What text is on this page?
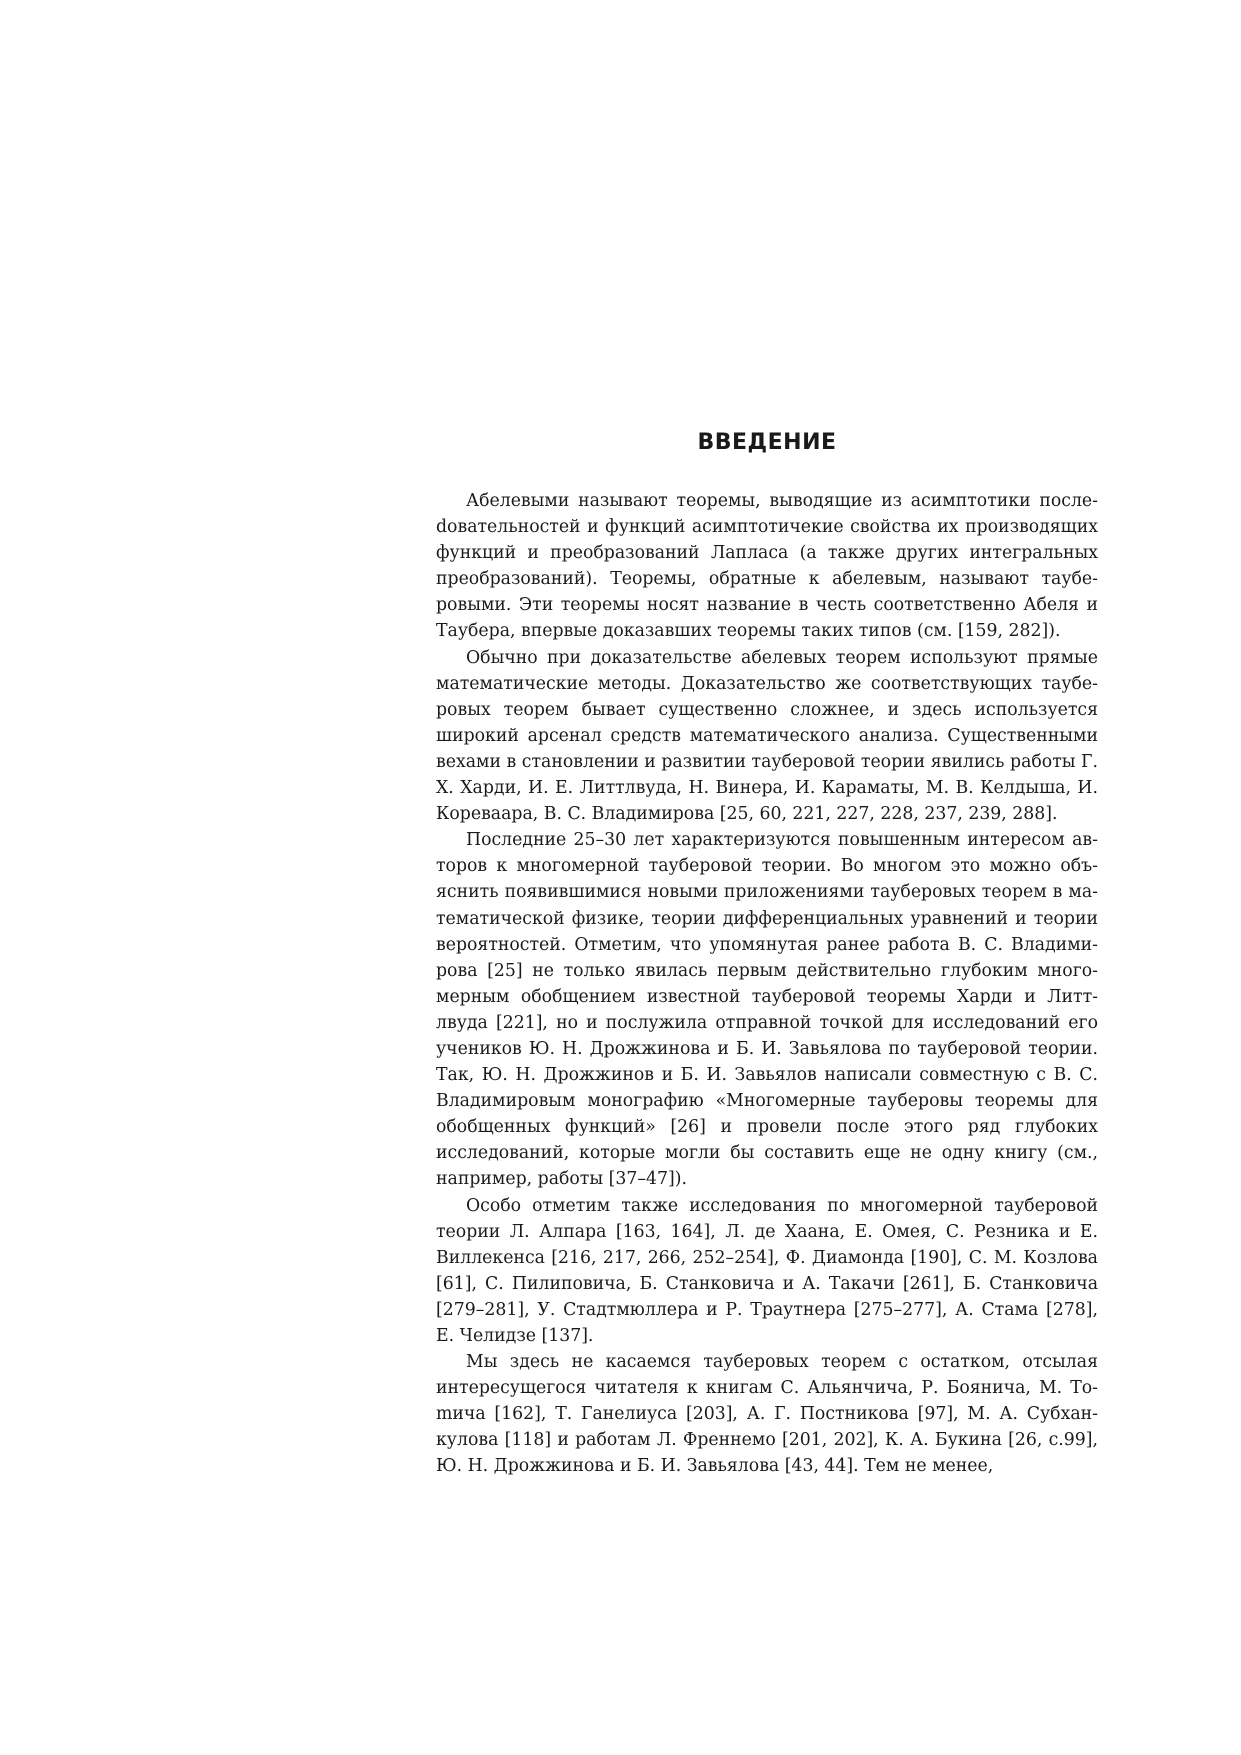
ВВЕДЕНИЕ

Абелевыми называют теоремы, выводящие из асимптотики послеdовательностей и функций асимптотичекие свойства их производящих функций и преобразований Лапласа (а также других интегральных преобразований). Теоремы, обратные к абелевым, называют тауберовыми. Эти теоремы носят название в честь соответственно Абеля и Таубера, впервые доказавших теоремы таких типов (см. [159, 282]).

Обычно при доказательстве абелевых теорем используют прямые математические методы. Доказательство же соответствующих тауберовых теорем бывает существенно сложнее, и здесь используется широкий арсенал средств математического анализа. Существенными вехами в становлении и развитии тауберовой теории явились работы Г. Х. Харди, И. Е. Литтлвуда, Н. Винера, И. Караматы, М. В. Келдыша, И. Кореваара, В. С. Владимирова [25, 60, 221, 227, 228, 237, 239, 288].

Последние 25–30 лет характеризуются повышенным интересом авторов к многомерной тауберовой теории. Во многом это можно объяснить появившимися новыми приложениями тауберовых теорем в математической физике, теории дифференциальных уравнений и теории вероятностей. Отметим, что упомянутая ранее работа В. С. Владимирова [25] не только явилась первым действительно глубоким многомерным обобщением известной тауберовой теоремы Харди и Литтлвуда [221], но и послужила отправной точкой для исследований его учеников Ю. Н. Дрожжинова и Б. И. Завьялова по тауберовой теории. Так, Ю. Н. Дрожжинов и Б. И. Завьялов написали совместную с В. С. Владимировым монографию «Многомерные тауберовы теоремы для обобщенных функций» [26] и провели после этого ряд глубоких исследований, которые могли бы составить еще не одну книгу (см., например, работы [37–47]).

Особо отметим также исследования по многомерной тауберовой теории Л. Алпара [163, 164], Л. де Хаана, Е. Омея, С. Резника и Е. Виллекенса [216, 217, 266, 252–254], Ф. Диамонда [190], С. М. Козлова [61], С. Пилиповича, Б. Станковича и А. Такачи [261], Б. Станковича [279–281], У. Стадтмюллера и Р. Траутнера [275–277], А. Стама [278], Е. Челидзе [137].

Мы здесь не касаемся тауберовых теорем с остатком, отсылая интересущегося читателя к книгам С. Альянчича, Р. Боянича, М. Тоmича [162], Т. Ганелиуса [203], А. Г. Постникова [97], М. А. Субханкулова [118] и работам Л. Френнемо [201, 202], К. А. Букина [26, с.99], Ю. Н. Дрожжинова и Б. И. Завьялова [43, 44]. Тем не менее,
